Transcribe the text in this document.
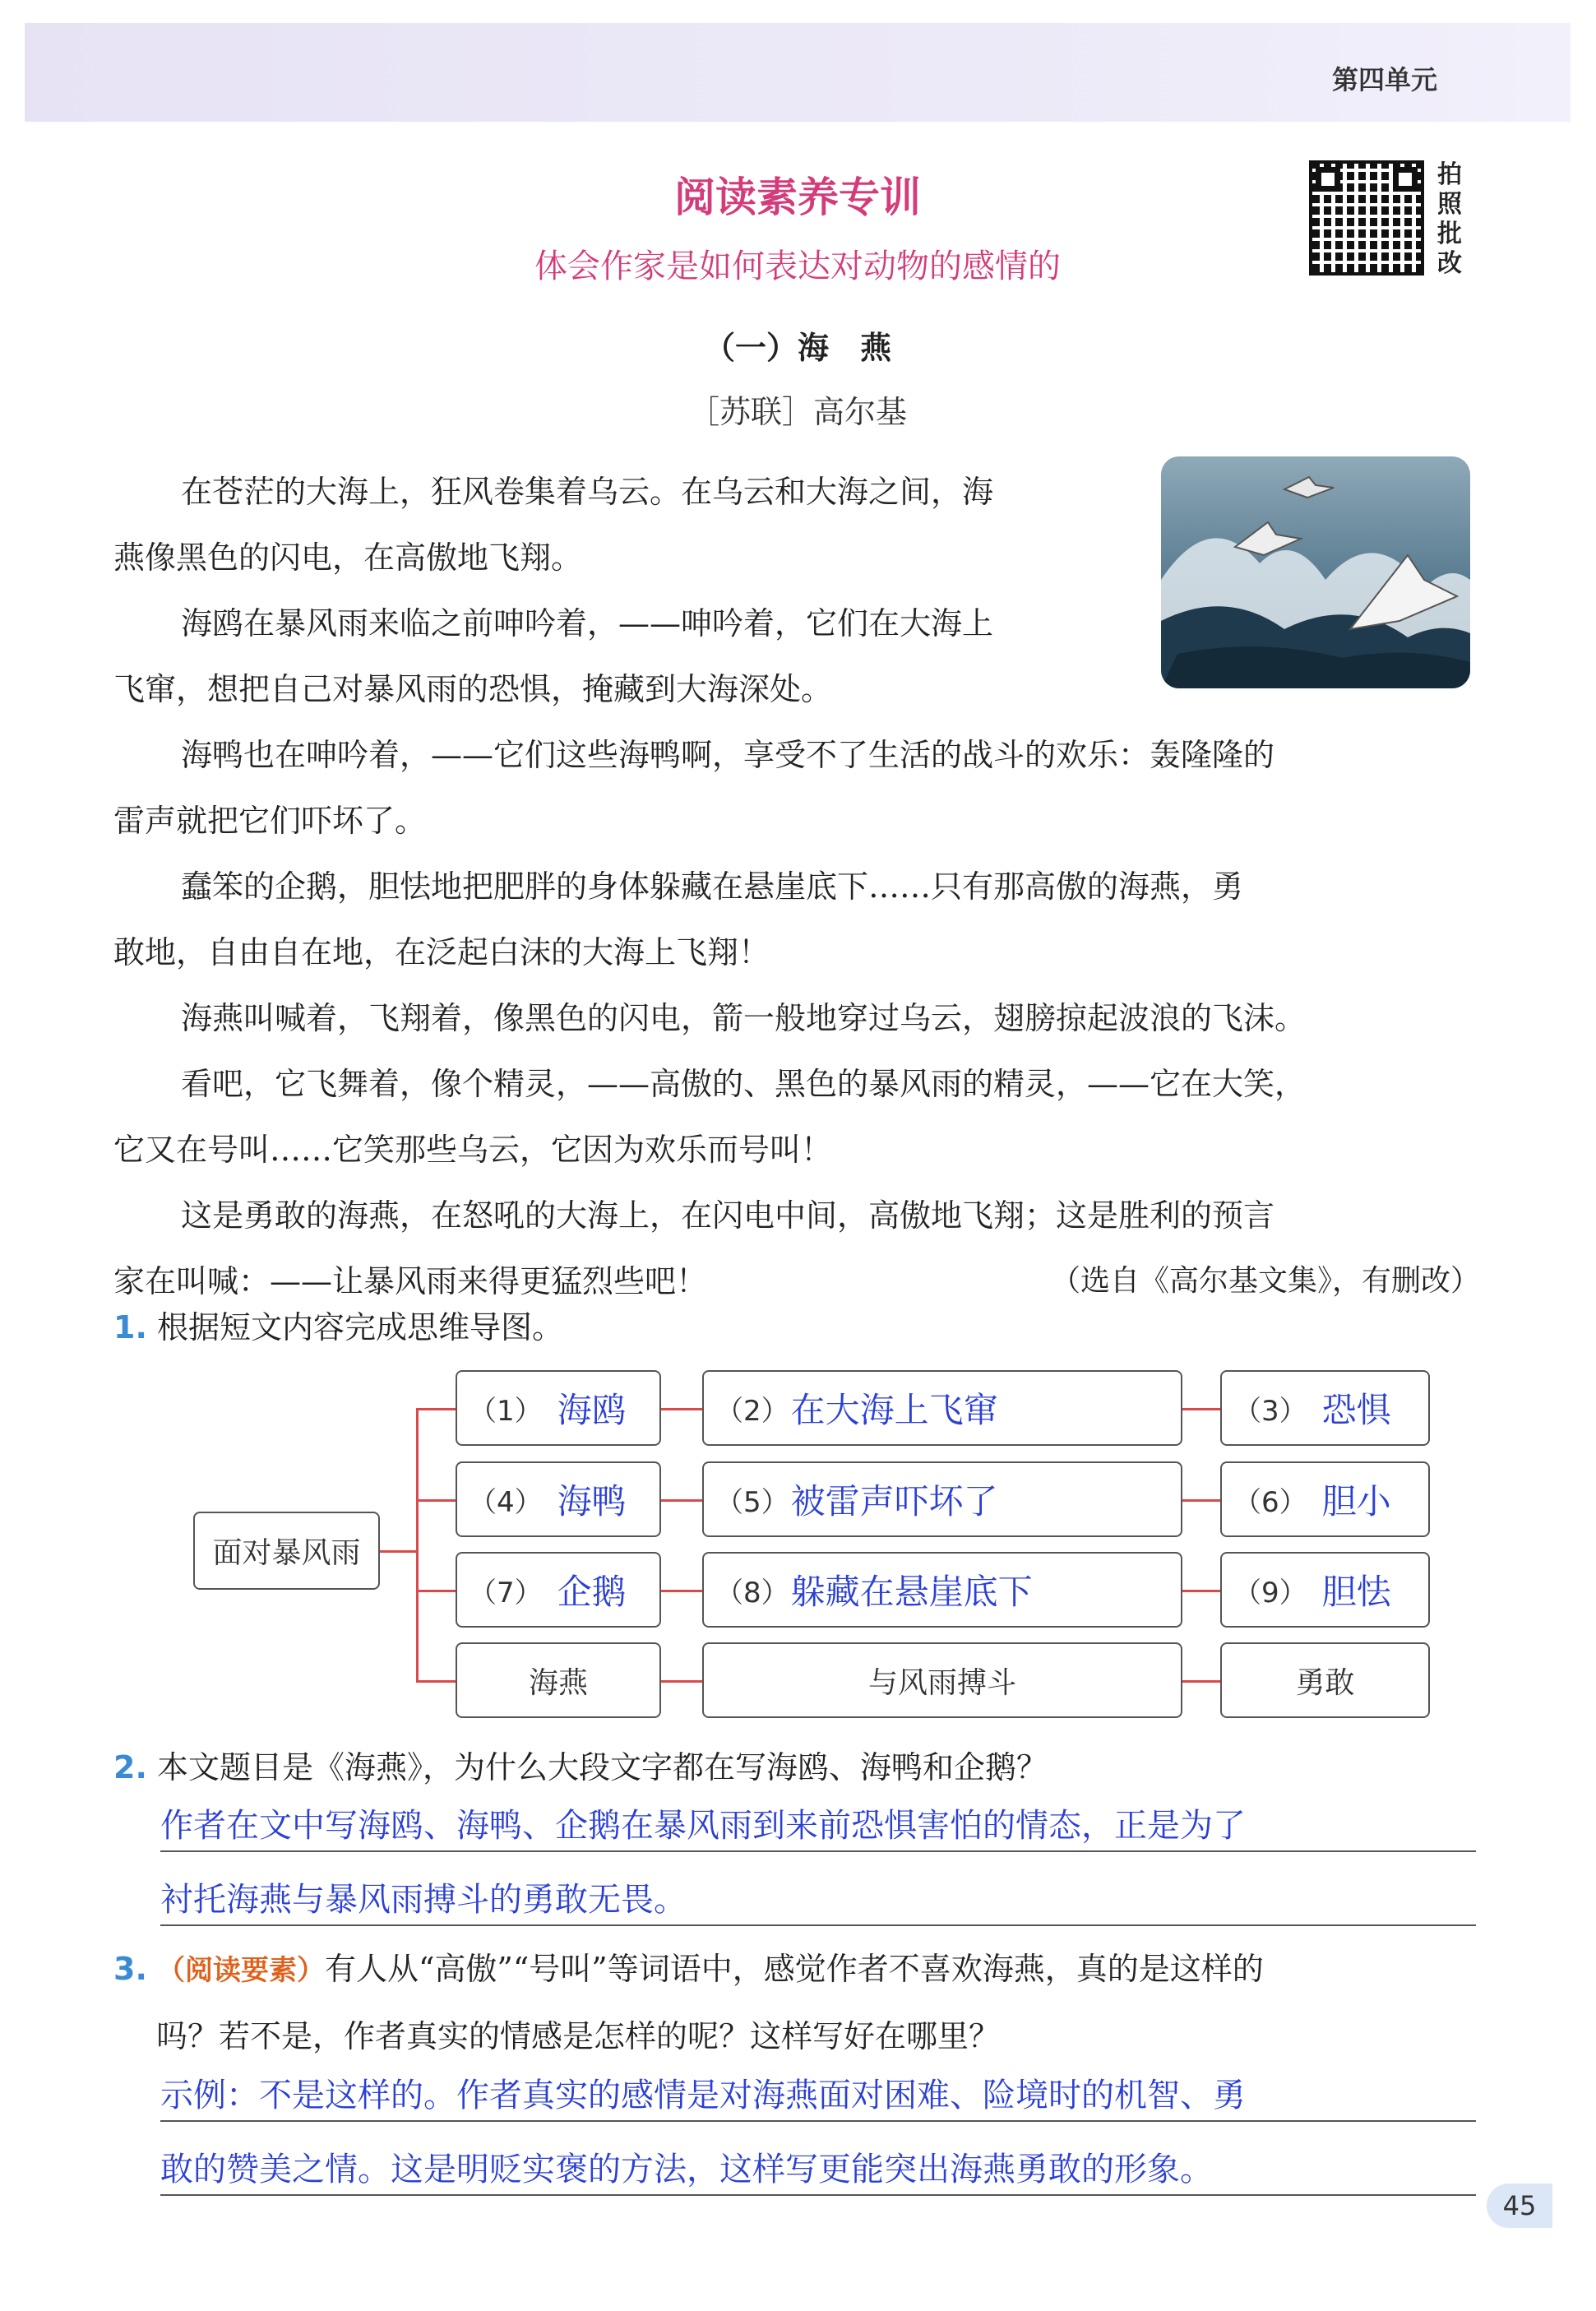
第四单元
阅读素养专训
体会作家是如何表达对动物的感情的
拍照批改
（一）海　燕
［苏联］高尔基

在苍茫的大海上，狂风卷集着乌云。在乌云和大海之间，海

燕像黑色的闪电，在高傲地飞翔。

海鸥在暴风雨来临之前呻吟着，——呻吟着，它们在大海上

飞窜，想把自己对暴风雨的恐惧，掩藏到大海深处。

海鸭也在呻吟着，——它们这些海鸭啊，享受不了生活的战斗的欢乐：轰隆隆的

雷声就把它们吓坏了。

蠢笨的企鹅，胆怯地把肥胖的身体躲藏在悬崖底下……只有那高傲的海燕，勇

敢地，自由自在地，在泛起白沫的大海上飞翔！

海燕叫喊着，飞翔着，像黑色的闪电，箭一般地穿过乌云，翅膀掠起波浪的飞沫。

看吧，它飞舞着，像个精灵，——高傲的、黑色的暴风雨的精灵，——它在大笑，

它又在号叫……它笑那些乌云，它因为欢乐而号叫！

这是勇敢的海燕，在怒吼的大海上，在闪电中间，高傲地飞翔；这是胜利的预言

家在叫喊：——让暴风雨来得更猛烈些吧！	（选自《高尔基文集》，有删改）

1. 根据短文内容完成思维导图。

面对暴风雨
（1） 海鸥	（2） 在大海上飞窜	（3） 恐惧
（4） 海鸭	（5） 被雷声吓坏了	（6） 胆小
（7） 企鹅	（8） 躲藏在悬崖底下	（9） 胆怯
海燕	与风雨搏斗	勇敢

2. 本文题目是《海燕》，为什么大段文字都在写海鸥、海鸭和企鹅？

作者在文中写海鸥、海鸭、企鹅在暴风雨到来前恐惧害怕的情态，正是为了

衬托海燕与暴风雨搏斗的勇敢无畏。

3. （阅读要素）有人从“高傲”“号叫”等词语中，感觉作者不喜欢海燕，真的是这样的

吗？若不是，作者真实的情感是怎样的呢？这样写好在哪里？

示例：不是这样的。作者真实的感情是对海燕面对困难、险境时的机智、勇

敢的赞美之情。这是明贬实褒的方法，这样写更能突出海燕勇敢的形象。

45
